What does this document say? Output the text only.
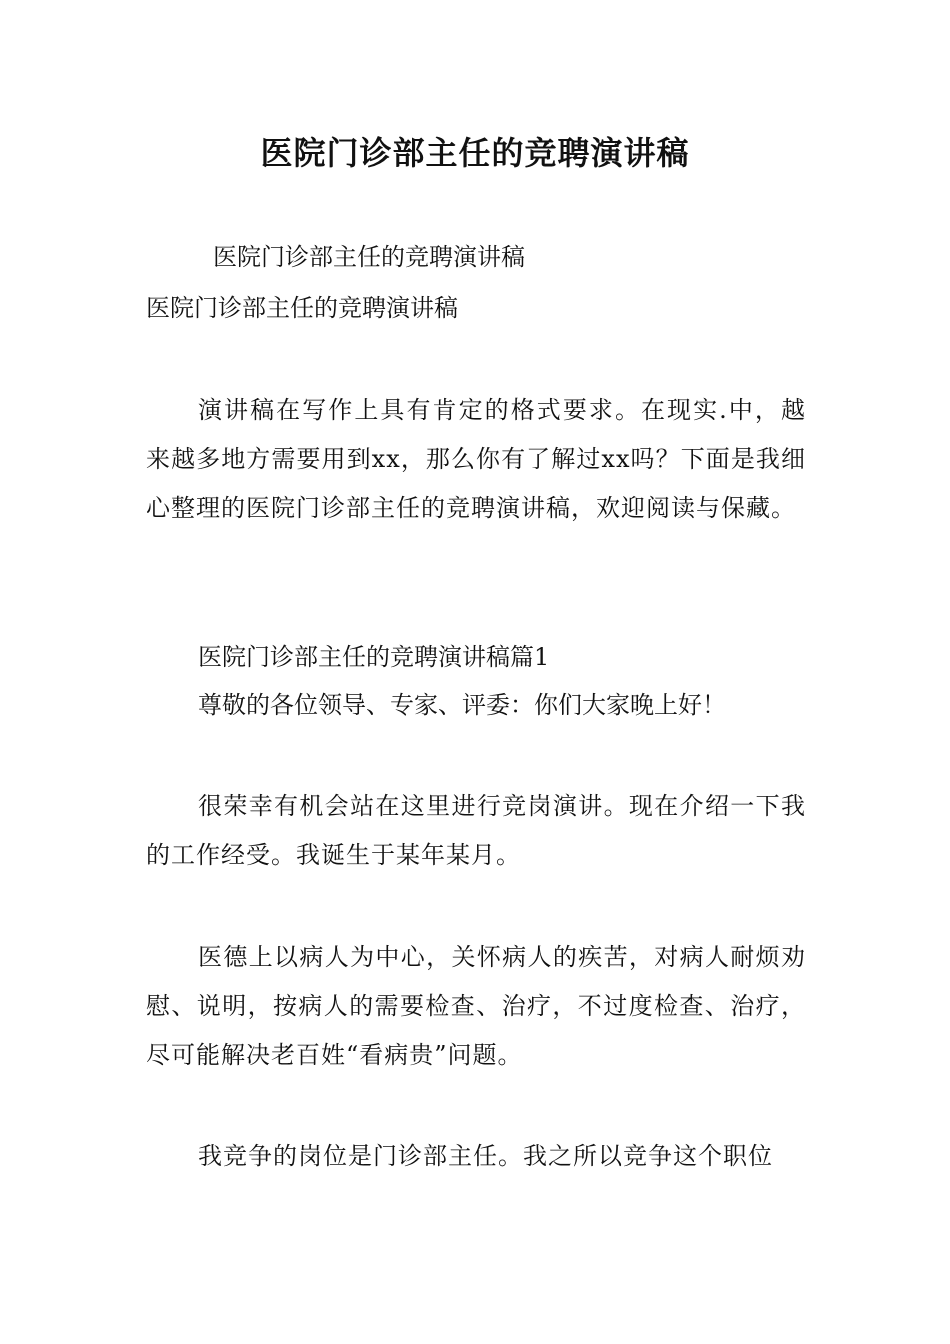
医院门诊部主任的竞聘演讲稿

医院门诊部主任的竞聘演讲稿

医院门诊部主任的竞聘演讲稿

演讲稿在写作上具有肯定的格式要求。在现实.中，越来越多地方需要用到xx，那么你有了解过xx吗？下面是我细心整理的医院门诊部主任的竞聘演讲稿，欢迎阅读与保藏。

医院门诊部主任的竞聘演讲稿篇1

尊敬的各位领导、专家、评委：你们大家晚上好！

很荣幸有机会站在这里进行竞岗演讲。现在介绍一下我的工作经受。我诞生于某年某月。

医德上以病人为中心，关怀病人的疾苦，对病人耐烦劝慰、说明，按病人的需要检查、治疗，不过度检查、治疗，尽可能解决老百姓“看病贵”问题。

我竞争的岗位是门诊部主任。我之所以竞争这个职位
